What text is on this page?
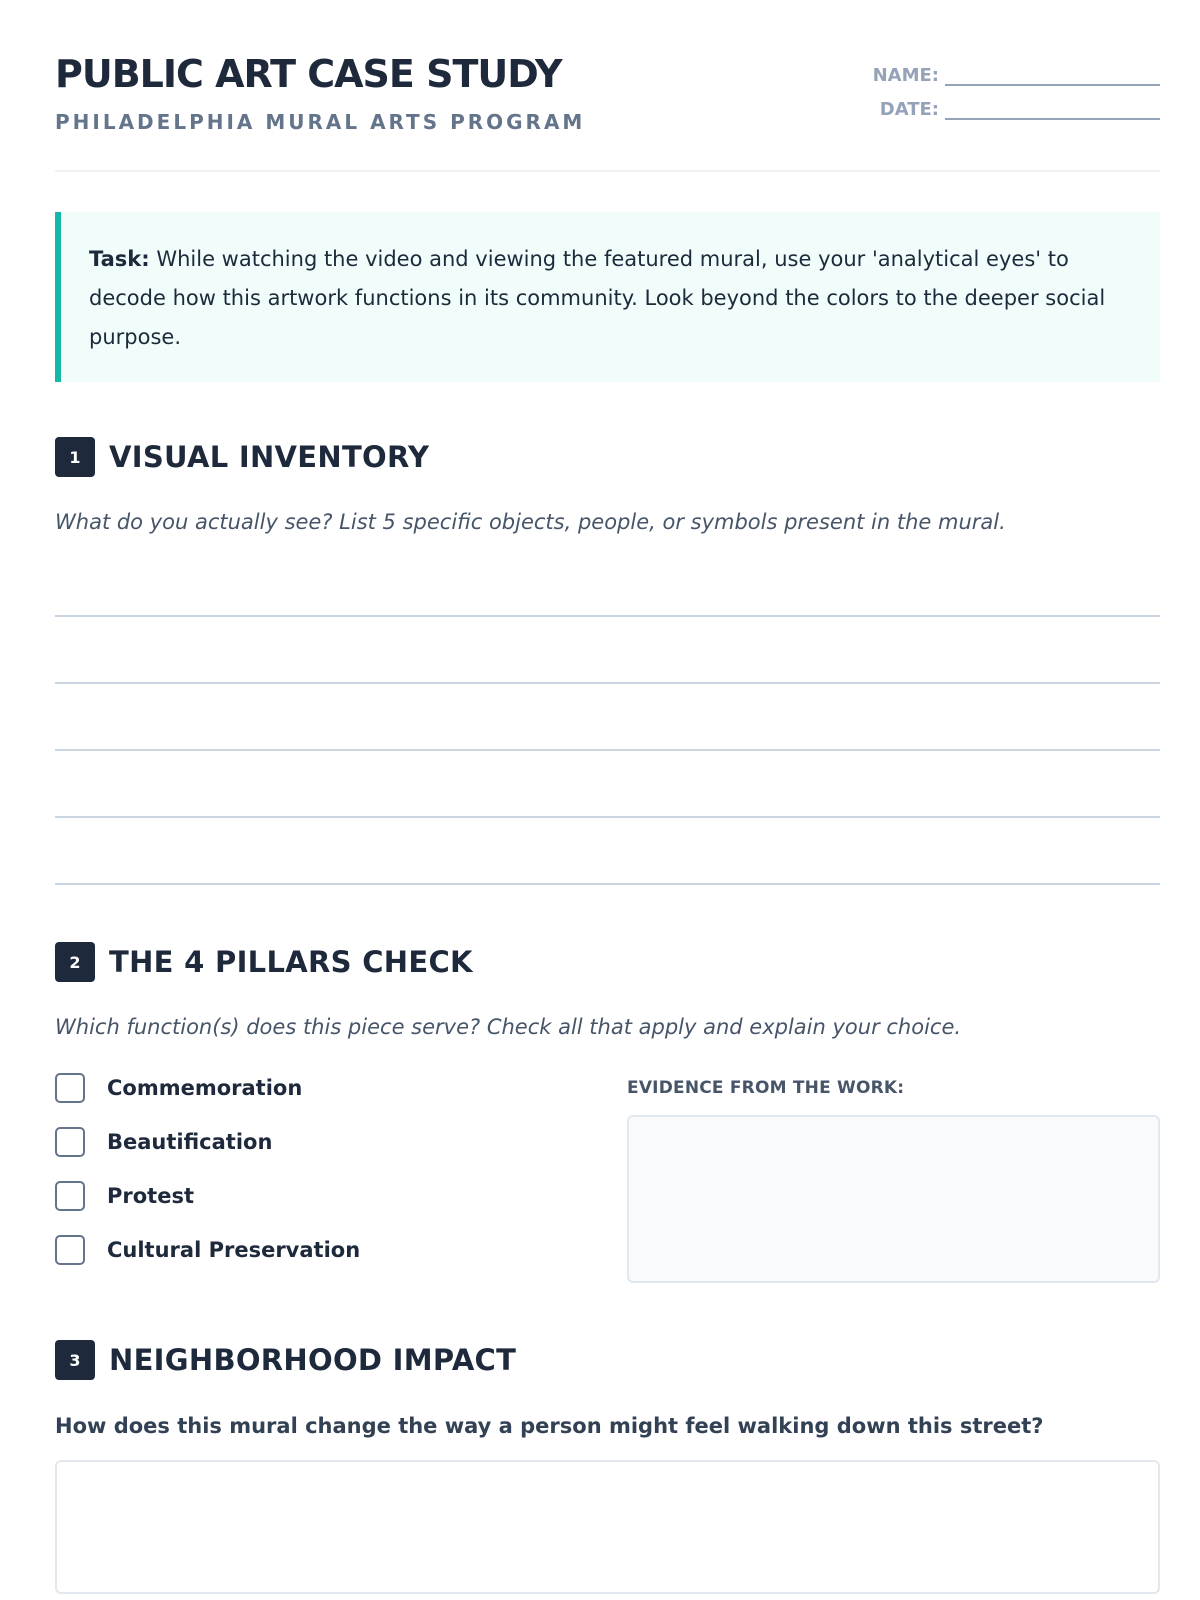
PUBLIC ART CASE STUDY

PHILADELPHIA MURAL ARTS PROGRAM

NAME:
DATE:
Task: While watching the video and viewing the featured mural, use your 'analytical eyes' to decode how this artwork functions in its community. Look beyond the colors to the deeper social purpose.
1 VISUAL INVENTORY
What do you actually see? List 5 specific objects, people, or symbols present in the mural.
2 THE 4 PILLARS CHECK
Which function(s) does this piece serve? Check all that apply and explain your choice.
Commemoration
Beautification
Protest
Cultural Preservation
EVIDENCE FROM THE WORK:
3 NEIGHBORHOOD IMPACT
How does this mural change the way a person might feel walking down this street?
